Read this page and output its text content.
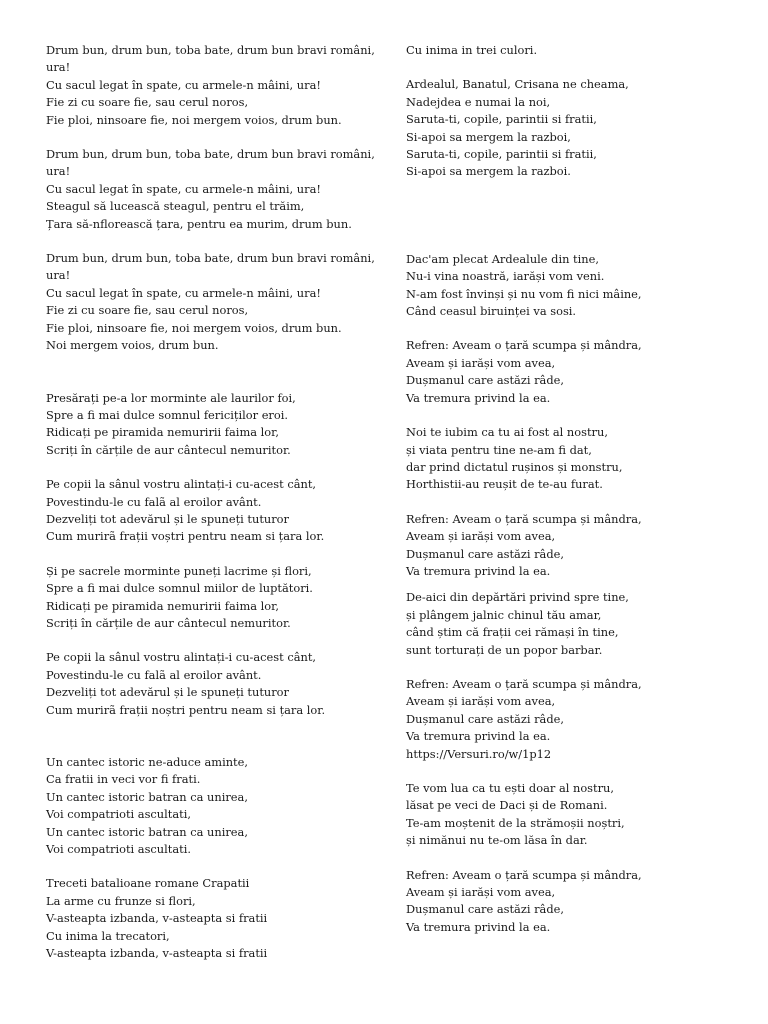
Drum bun, drum bun, toba bate, drum bun bravi români, ura!
Cu sacul legat în spate, cu armele-n mâini, ura!
Fie zi cu soare fie, sau cerul noros,
Fie ploi, ninsoare fie, noi mergem voios, drum bun.
Drum bun, drum bun, toba bate, drum bun bravi români, ura!
Cu sacul legat în spate, cu armele-n mâini, ura!
Steagul să lucească steagul, pentru el trăim,
Țara să-nflorească țara, pentru ea murim, drum bun.
Drum bun, drum bun, toba bate, drum bun bravi români, ura!
Cu sacul legat în spate, cu armele-n mâini, ura!
Fie zi cu soare fie, sau cerul noros,
Fie ploi, ninsoare fie, noi mergem voios, drum bun.
Noi mergem voios, drum bun.
Presărați pe-a lor morminte ale laurilor foi,
Spre a fi mai dulce somnul fericiților eroi.
Ridicați pe piramida nemuririi faima lor,
Scriți în cărțile de aur cântecul nemuritor.
Pe copii la sânul vostru alintați-i cu-acest cânt,
Povestindu-le cu falã al eroilor avânt.
Dezveliți tot adevărul și le spuneți tuturor
Cum murirã frații voștri pentru neam si țara lor.
Și pe sacrele morminte puneți lacrime și flori,
Spre a fi mai dulce somnul miilor de luptători.
Ridicați pe piramida nemuririi faima lor,
Scriți în cărțile de aur cântecul nemuritor.
Pe copii la sânul vostru alintați-i cu-acest cânt,
Povestindu-le cu falã al eroilor avânt.
Dezveliți tot adevărul și le spuneți tuturor
Cum murirã frații noștri pentru neam si țara lor.
Un cantec istoric ne-aduce aminte,
Ca fratii in veci vor fi frati.
Un cantec istoric batran ca unirea,
Voi compatrioti ascultati,
Un cantec istoric batran ca unirea,
Voi compatrioti ascultati.
Treceti batalioane romane Crapatii
La arme cu frunze si flori,
V-asteapta izbanda, v-asteapta si fratii
Cu inima la trecatori,
V-asteapta izbanda, v-asteapta si fratii
Cu inima in trei culori.
Ardealul, Banatul, Crisana ne cheama,
Nadejdea e numai la noi,
Saruta-ti, copile, parintii si fratii,
Si-apoi sa mergem la razboi,
Saruta-ti, copile, parintii si fratii,
Si-apoi sa mergem la razboi.
Dac'am plecat Ardealule din tine,
Nu-i vina noastră, iarăși vom veni.
N-am fost învinși și nu vom fi nici mâine,
Când ceasul biruinței va sosi.
Refren: Aveam o țară scumpa și mândra,
Aveam și iarăși vom avea,
Dușmanul care astăzi râde,
Va tremura privind la ea.
Noi te iubim ca tu ai fost al nostru,
și viata pentru tine ne-am fi dat,
dar prind dictatul rușinos și monstru,
Horthistii-au reușit de te-au furat.
Refren: Aveam o țară scumpa și mândra,
Aveam și iarăși vom avea,
Dușmanul care astăzi râde,
Va tremura privind la ea.
De-aici din depărtări privind spre tine,
și plângem jalnic chinul tău amar,
când știm că frații cei rămași în tine,
sunt torturați de un popor barbar.
Refren: Aveam o țară scumpa și mândra,
Aveam și iarăși vom avea,
Dușmanul care astăzi râde,
Va tremura privind la ea.
https://Versuri.ro/w/1p12
Te vom lua ca tu ești doar al nostru,
lăsat pe veci de Daci și de Romani.
Te-am moștenit de la strămoșii noștri,
și nimănui nu te-om lăsa în dar.
Refren: Aveam o țară scumpa și mândra,
Aveam și iarăși vom avea,
Dușmanul care astăzi râde,
Va tremura privind la ea.
